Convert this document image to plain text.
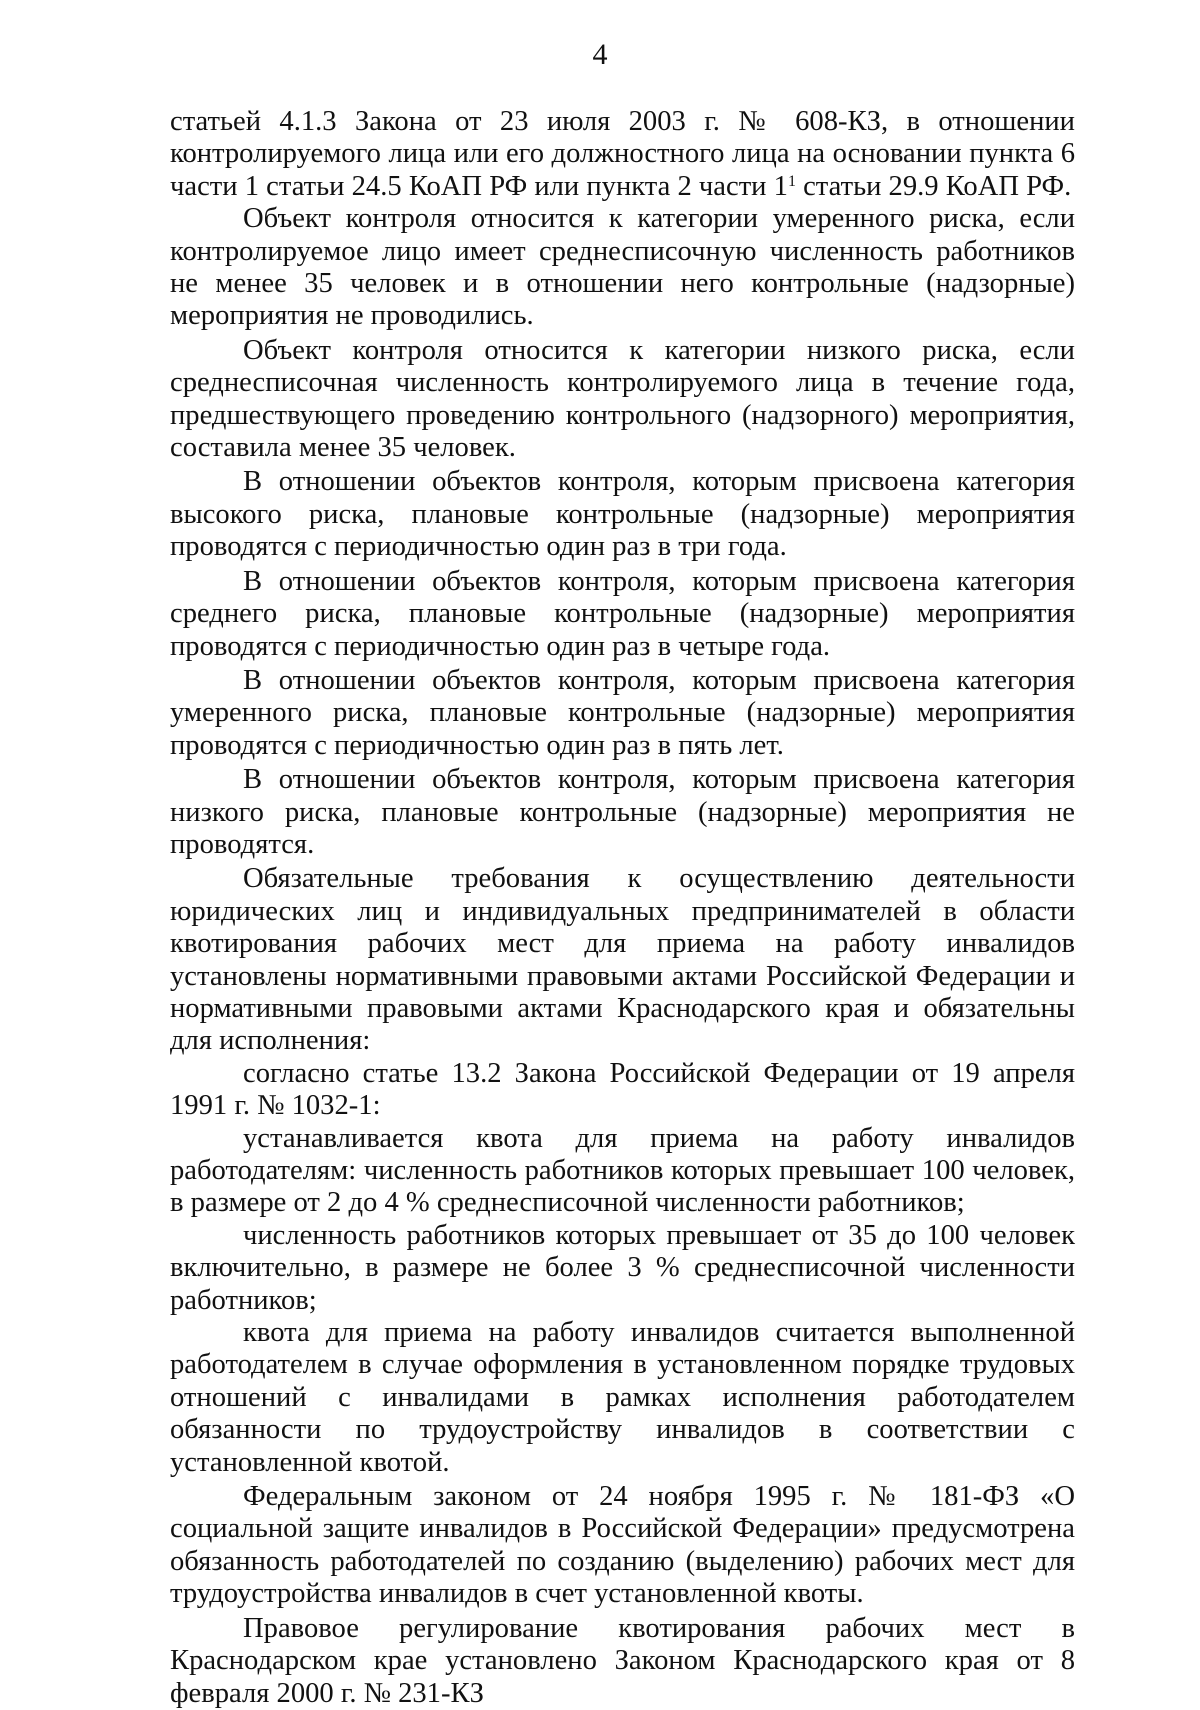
4

статьей 4.1.3 Закона от 23 июля 2003 г. № 608-КЗ, в отношении контролируемого лица или его должностного лица на основании пункта 6 части 1 статьи 24.5 КоАП РФ или пункта 2 части $1^1$ статьи 29.9 КоАП РФ.

Объект контроля относится к категории умеренного риска, если контролируемое лицо имеет среднесписочную численность работников не менее 35 человек и в отношении него контрольные (надзорные) мероприятия не проводились.

Объект контроля относится к категории низкого риска, если среднесписочная численность контролируемого лица в течение года, предшествующего проведению контрольного (надзорного) мероприятия, составила менее 35 человек.

В отношении объектов контроля, которым присвоена категория высокого риска, плановые контрольные (надзорные) мероприятия проводятся с периодичностью один раз в три года.

В отношении объектов контроля, которым присвоена категория среднего риска, плановые контрольные (надзорные) мероприятия проводятся с периодичностью один раз в четыре года.

В отношении объектов контроля, которым присвоена категория умеренного риска, плановые контрольные (надзорные) мероприятия проводятся с периодичностью один раз в пять лет.

В отношении объектов контроля, которым присвоена категория низкого риска, плановые контрольные (надзорные) мероприятия не проводятся.

Обязательные требования к осуществлению деятельности юридических лиц и индивидуальных предпринимателей в области квотирования рабочих мест для приема на работу инвалидов установлены нормативными правовыми актами Российской Федерации и нормативными правовыми актами Краснодарского края и обязательны для исполнения:

согласно статье 13.2 Закона Российской Федерации от 19 апреля 1991 г. № 1032-1:

устанавливается квота для приема на работу инвалидов работодателям: численность работников которых превышает 100 человек, в размере от 2 до 4 % среднесписочной численности работников;

численность работников которых превышает от 35 до 100 человек включительно, в размере не более 3 % среднесписочной численности работников;

квота для приема на работу инвалидов считается выполненной работодателем в случае оформления в установленном порядке трудовых отношений с инвалидами в рамках исполнения работодателем обязанности по трудоустройству инвалидов в соответствии с установленной квотой.

Федеральным законом от 24 ноября 1995 г. № 181-ФЗ «О социальной защите инвалидов в Российской Федерации» предусмотрена обязанность работодателей по созданию (выделению) рабочих мест для трудоустройства инвалидов в счет установленной квоты.

Правовое регулирование квотирования рабочих мест в Краснодарском крае установлено Законом Краснодарского края от 8 февраля 2000 г. № 231-КЗ
